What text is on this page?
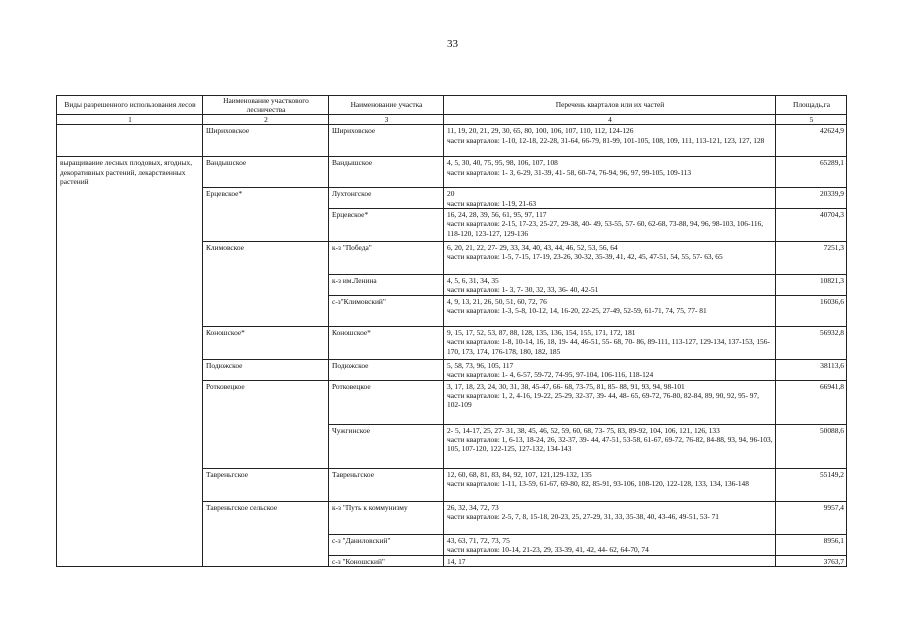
33
Виды разрешенного использования лесов	Наименование участкового лесничества	Наименование участка	Перечень кварталов или их частей	Площадь,га
1	2	3	4	5
	Шириховское	Шириховское	11, 19, 20, 21, 29, 30, 65, 80, 100, 106, 107, 110, 112, 124-126
части кварталов: 1-10, 12-18, 22-28, 31-64, 66-79, 81-99, 101-105, 108, 109, 111, 113-121, 123, 127, 128	42624,9
выращивание лесных плодовых, ягодных, декоративных растений, лекарственных растений	Вандышское	Вандышское	4, 5, 30, 40, 75, 95, 98, 106, 107, 108
части кварталов: 1- 3, 6-29, 31-39, 41- 58, 60-74, 76-94, 96, 97, 99-105, 109-113	65289,1
	Ерцевское*	Лухтонгское	20
части кварталов: 1-19, 21-63	20339,9
		Ерцевское*	16, 24, 28, 39, 56, 61, 95, 97, 117
части кварталов: 2-15, 17-23, 25-27, 29-38, 40- 49, 53-55, 57- 60, 62-68, 73-88, 94, 96, 98-103, 106-116, 118-120, 123-127, 129-136	40704,3
	Климовское	к-з "Победа"	6, 20, 21, 22, 27- 29, 33, 34, 40, 43, 44, 46, 52, 53, 56, 64
части кварталов: 1-5, 7-15, 17-19, 23-26, 30-32, 35-39, 41, 42, 45, 47-51, 54, 55, 57- 63, 65	7251,3
		к-з им.Ленина	4, 5, 6, 31, 34, 35
части кварталов: 1- 3, 7- 30, 32, 33, 36- 40, 42-51	10821,3
		с-з"Климовский"	4, 9, 13, 21, 26, 50, 51, 60, 72, 76
части кварталов: 1-3, 5-8, 10-12, 14, 16-20, 22-25, 27-49, 52-59, 61-71, 74, 75, 77- 81	16036,6
	Коношское*	Коношское*	9, 15, 17, 52, 53, 87, 88, 128, 135, 136, 154, 155, 171, 172, 181
части кварталов: 1-8, 10-14, 16, 18, 19- 44, 46-51, 55- 68, 70- 86, 89-111, 113-127, 129-134, 137-153, 156-170, 173, 174, 176-178, 180, 182, 185	56932,8
	Подюжское	Подюжское	5, 58, 73, 96, 105, 117
части кварталов: 1- 4, 6-57, 59-72, 74-95, 97-104, 106-116, 118-124	38113,6
	Ротковецкое	Ротковецкое	3, 17, 18, 23, 24, 30, 31, 38, 45-47, 66- 68, 73-75, 81, 85- 88, 91, 93, 94, 98-101
части кварталов: 1, 2, 4-16, 19-22, 25-29, 32-37, 39- 44, 48- 65, 69-72, 76-80, 82-84, 89, 90, 92, 95- 97, 102-109	66941,8
		Чужгинское	2- 5, 14-17, 25, 27- 31, 38, 45, 46, 52, 59, 60, 68, 73- 75, 83, 89-92, 104, 106, 121, 126, 133
части кварталов: 1, 6-13, 18-24, 26, 32-37, 39- 44, 47-51, 53-58, 61-67, 69-72, 76-82, 84-88, 93, 94, 96-103, 105, 107-120, 122-125, 127-132, 134-143	50088,6
	Тавреньгское	Тавреньгское	12, 60, 68, 81, 83, 84, 92, 107, 121,129-132, 135
части кварталов: 1-11, 13-59, 61-67, 69-80, 82, 85-91, 93-106, 108-120, 122-128, 133, 134, 136-148	55149,2
	Тавреньгское сельское	к-з "Путь к коммунизму	26, 32, 34, 72, 73
части кварталов: 2-5, 7, 8, 15-18, 20-23, 25, 27-29, 31, 33, 35-38, 40, 43-46, 49-51, 53- 71	9957,4
		с-з "Даниловский"	43, 63, 71, 72, 73, 75
части кварталов: 10-14, 21-23, 29, 33-39, 41, 42, 44- 62, 64-70, 74	8956,1
		с-з "Коношский"	14, 17	3763,7
